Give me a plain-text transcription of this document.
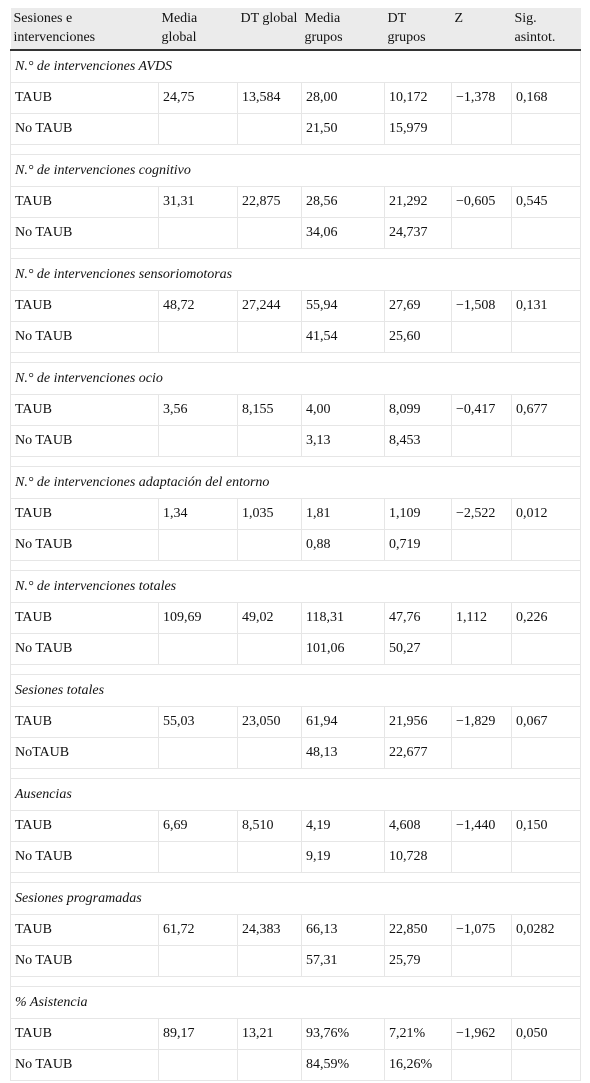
Sesiones e intervenciones	Media global	DT global	Media grupos	DT grupos	Z	Sig. asintot.
N.° de intervenciones AVDS						
TAUB	24,75	13,584	28,00	10,172	−1,378	0,168
No TAUB			21,50	15,979		

N.° de intervenciones cognitivo						
TAUB	31,31	22,875	28,56	21,292	−0,605	0,545
No TAUB			34,06	24,737		

N.° de intervenciones sensoriomotoras						
TAUB	48,72	27,244	55,94	27,69	−1,508	0,131
No TAUB			41,54	25,60		

N.° de intervenciones ocio						
TAUB	3,56	8,155	4,00	8,099	−0,417	0,677
No TAUB			3,13	8,453		

N.° de intervenciones adaptación del entorno						
TAUB	1,34	1,035	1,81	1,109	−2,522	0,012
No TAUB			0,88	0,719		

N.° de intervenciones totales						
TAUB	109,69	49,02	118,31	47,76	1,112	0,226
No TAUB			101,06	50,27		

Sesiones totales						
TAUB	55,03	23,050	61,94	21,956	−1,829	0,067
NoTAUB			48,13	22,677		

Ausencias						
TAUB	6,69	8,510	4,19	4,608	−1,440	0,150
No TAUB			9,19	10,728		

Sesiones programadas						
TAUB	61,72	24,383	66,13	22,850	−1,075	0,0282
No TAUB			57,31	25,79		

% Asistencia						
TAUB	89,17	13,21	93,76%	7,21%	−1,962	0,050
No TAUB			84,59%	16,26%		
